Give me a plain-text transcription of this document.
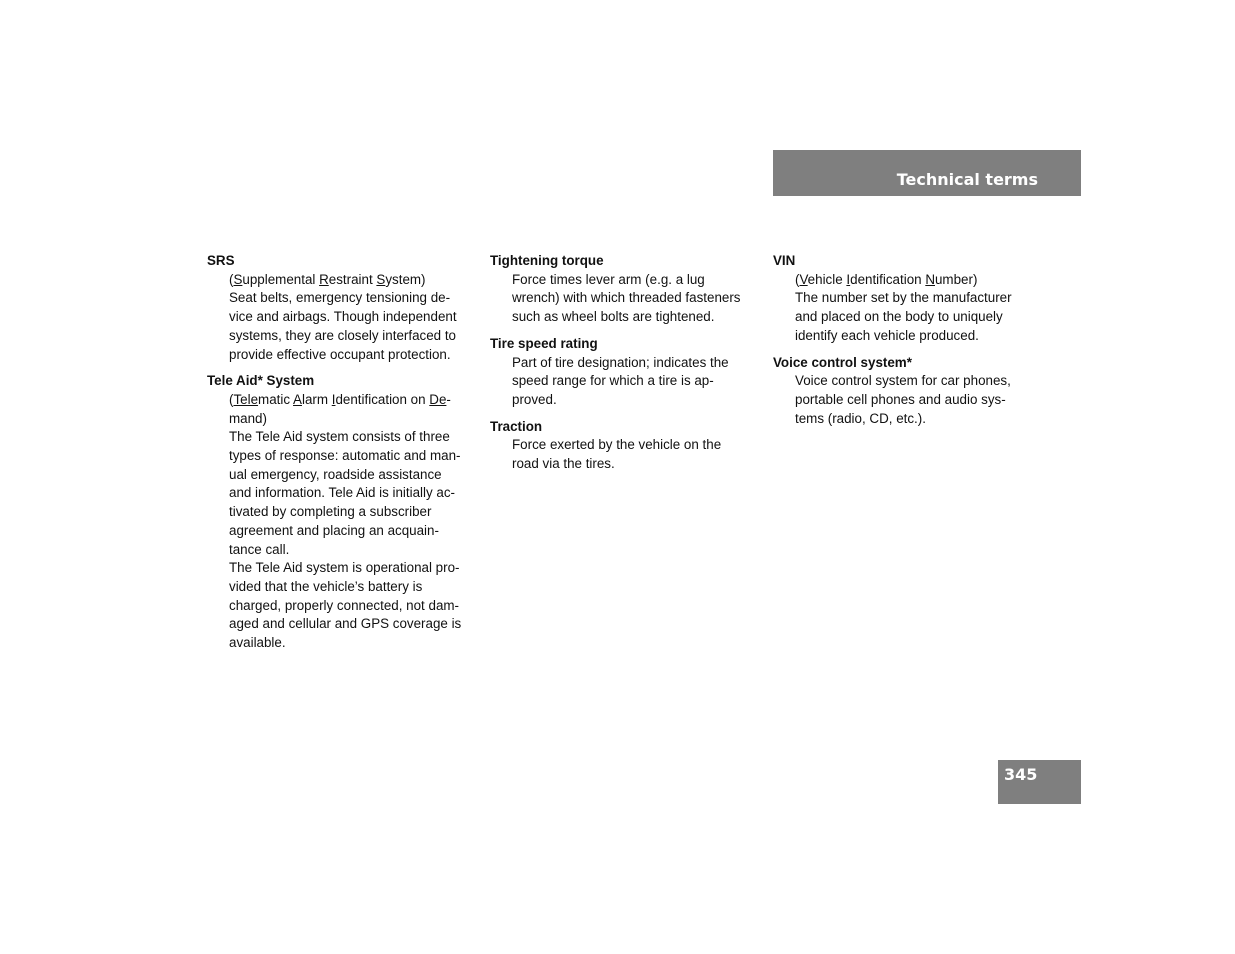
Technical terms

SRS

(Supplemental Restraint System)

Seat belts, emergency tensioning de-

vice and airbags. Though independent

systems, they are closely interfaced to

provide effective occupant protection.

Tele Aid* System

(Telematic Alarm Identification on De-

mand)

The Tele Aid system consists of three

types of response: automatic and man-

ual emergency, roadside assistance

and information. Tele Aid is initially ac-

tivated by completing a subscriber

agreement and placing an acquain-

tance call.

The Tele Aid system is operational pro-

vided that the vehicle’s battery is

charged, properly connected, not dam-

aged and cellular and GPS coverage is

available.

Tightening torque

Force times lever arm (e.g. a lug

wrench) with which threaded fasteners

such as wheel bolts are tightened.

Tire speed rating

Part of tire designation; indicates the

speed range for which a tire is ap-

proved.

Traction

Force exerted by the vehicle on the

road via the tires.

VIN

(Vehicle Identification Number)

The number set by the manufacturer

and placed on the body to uniquely

identify each vehicle produced.

Voice control system*

Voice control system for car phones,

portable cell phones and audio sys-

tems (radio, CD, etc.).

345
